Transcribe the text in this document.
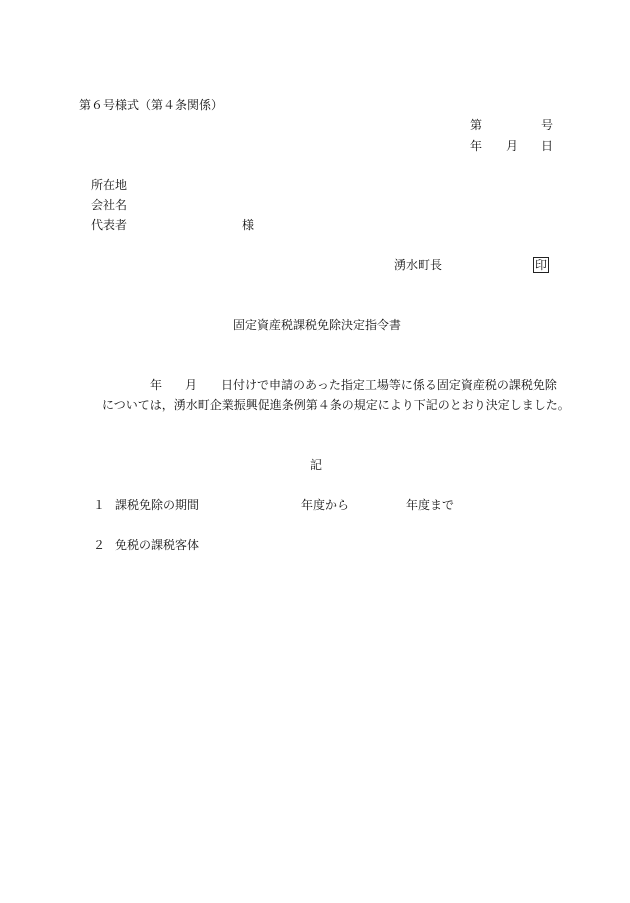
第６号様式（第４条関係）
第	号
年 月 日
所在地
会社名
代表者	様
湧水町長	印
固定資産税課税免除決定指令書
年 月 日付けで申請のあった指定工場等に係る固定資産税の課税免除
については，湧水町企業振興促進条例第４条の規定により下記のとおり決定しました。
記
１ 課税免除の期間	年度から	年度まで
２ 免税の課税客体
